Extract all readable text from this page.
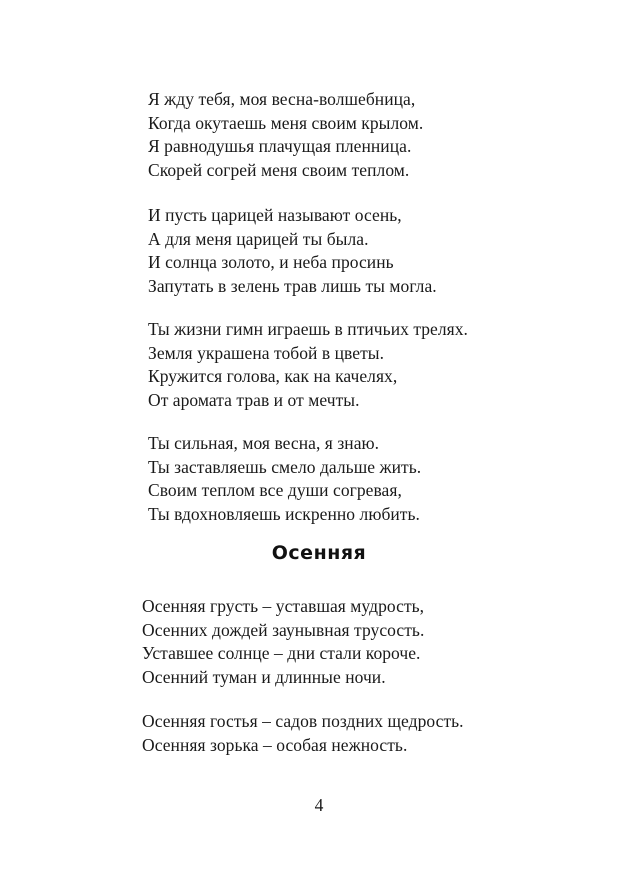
Я жду тебя, моя весна-волшебница,
Когда окутаешь меня своим крылом.
Я равнодушья плачущая пленница.
Скорей согрей меня своим теплом.
И пусть царицей называют осень,
А для меня царицей ты была.
И солнца золото, и неба просинь
Запутать в зелень трав лишь ты могла.
Ты жизни гимн играешь в птичьих трелях.
Земля украшена тобой в цветы.
Кружится голова, как на качелях,
От аромата трав и от мечты.
Ты сильная, моя весна, я знаю.
Ты заставляешь смело дальше жить.
Своим теплом все души согревая,
Ты вдохновляешь искренно любить.
Осенняя
Осенняя грусть – уставшая мудрость,
Осенних дождей заунывная трусость.
Уставшее солнце – дни стали короче.
Осенний туман и длинные ночи.
Осенняя гостья – садов поздних щедрость.
Осенняя зорька – особая нежность.
4
